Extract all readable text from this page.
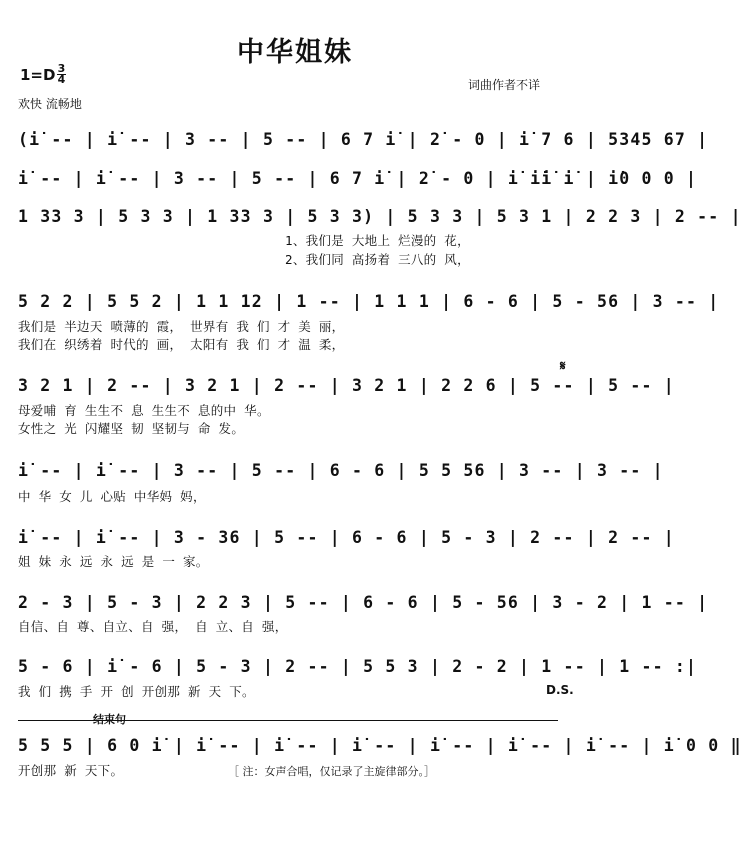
中华姐妹
1=D 3
4
欢快 流畅地
词曲作者不详
(i̇ -- | i̇ -- | 3 -- | 5 -- | 6 7 i̇ | 2̇ - 0 | i̇ 7 6 | 5345 67 |
i̇ -- | i̇ -- | 3 -- | 5 -- | 6 7 i̇ | 2̇ - 0 | i̇ i̇i̇ i̇ | i̇0 0 0 |
1 33 3 | 5 3 3 | 1 33 3 | 5 3 3) | 5 3 3 | 5 3 1 | 2 2 3 | 2 -- |
1、我们是 大地上 烂漫的 花，
2、我们同 高扬着 三八的 风，
5 2 2 | 5 5 2 | 1 1 12 | 1 -- | 1 1 1 | 6 - 6 | 5 - 56 | 3 -- |
我们是 半边天 喷薄的 霞， 世界有 我 们 才 美 丽，
我们在 织绣着 时代的 画， 太阳有 我 们 才 温 柔，
3 2 1 | 2 -- | 3 2 1 | 2 -- | 3 2 1 | 2 2 6 | 5 -- | 5 -- |
母爱哺 育 生生不 息 生生不 息的中 华。
女性之 光 闪耀坚 韧 坚韧与 命 发。
𝄋
i̇ -- | i̇ -- | 3 -- | 5 -- | 6 - 6 | 5 5 56 | 3 -- | 3 -- |
中 华 女 儿 心贴 中华妈 妈，
i̇ -- | i̇ -- | 3 - 36 | 5 -- | 6 - 6 | 5 - 3 | 2 -- | 2 -- |
姐 妹 永 远 永 远 是 一 家。
2 - 3 | 5 - 3 | 2 2 3 | 5 -- | 6 - 6 | 5 - 56 | 3 - 2 | 1 -- |
自信、自 尊、自立、自 强， 自 立、自 强，
5 - 6 | i̇ - 6 | 5 - 3 | 2 -- | 5 5 3 | 2 - 2 | 1 -- | 1 -- :|
我 们 携 手 开 创 开创那 新 天 下。	D.S.
结束句
5 5 5 | 6 0 i̇ | i̇ -- | i̇ -- | i̇ -- | i̇ -- | i̇ -- | i̇ -- | i̇ 0 0 ‖
开创那 新 天下。	［ 注：女声合唱，仅记录了主旋律部分。］
